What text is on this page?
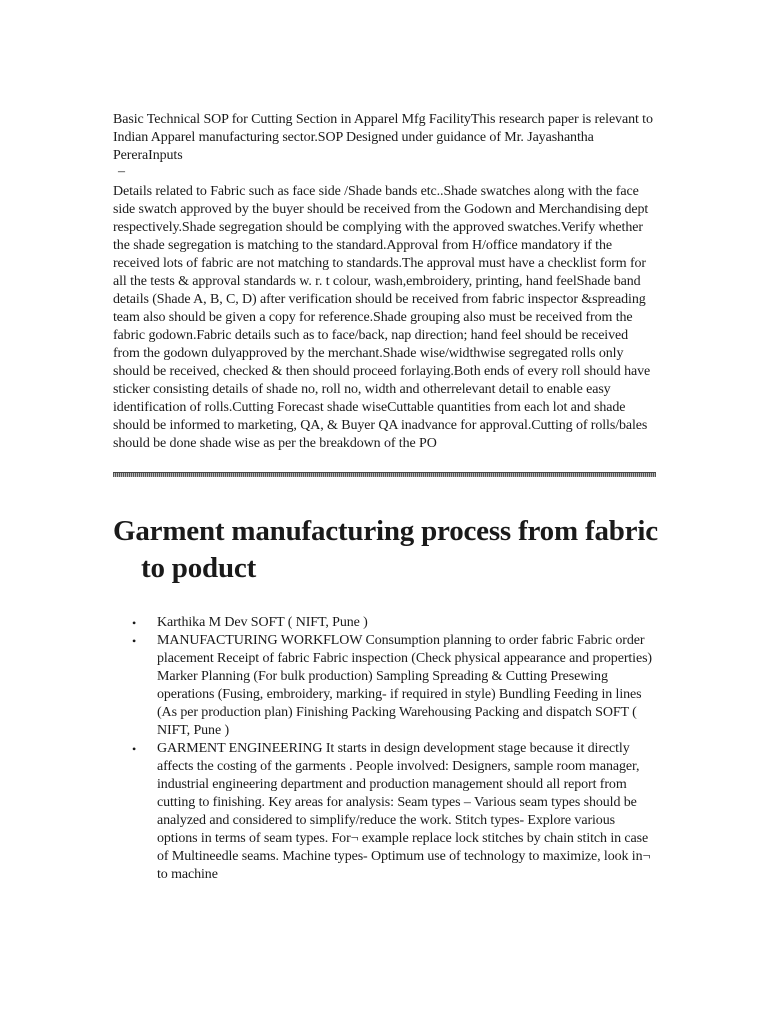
Basic Technical SOP for Cutting Section in Apparel Mfg FacilityThis research paper is relevant to Indian Apparel manufacturing sector.SOP Designed under guidance of Mr. Jayashantha PereraInputs

–

Details related to Fabric such as face side /Shade bands etc..Shade swatches along with the face side swatch approved by the buyer should be received from the Godown and Merchandising dept respectively.Shade segregation should be complying with the approved swatches.Verify whether the shade segregation is matching to the standard.Approval from H/office mandatory if the received lots of fabric are not matching to standards.The approval must have a checklist form for all the tests & approval standards w. r. t colour, wash,embroidery, printing, hand feelShade band details (Shade A, B, C, D) after verification should be received from fabric inspector &spreading team also should be given a copy for reference.Shade grouping also must be received from the fabric godown.Fabric details such as to face/back, nap direction; hand feel should be received from the godown dulyapproved by the merchant.Shade wise/widthwise segregated rolls only should be received, checked & then should proceed forlaying.Both ends of every roll should have sticker consisting details of shade no, roll no, width and otherrelevant detail to enable easy identification of rolls.Cutting Forecast shade wiseCuttable quantities from each lot and shade should be informed to marketing, QA, & Buyer QA inadvance for approval.Cutting of rolls/bales should be done shade wise as per the breakdown of the PO

Garment manufacturing process from fabric to poduct
• Karthika M Dev SOFT ( NIFT, Pune )
• MANUFACTURING WORKFLOW Consumption planning to order fabric Fabric order placement Receipt of fabric Fabric inspection (Check physical appearance and properties) Marker Planning (For bulk production) Sampling Spreading & Cutting Presewing operations (Fusing, embroidery, marking- if required in style) Bundling Feeding in lines (As per production plan) Finishing Packing Warehousing Packing and dispatch SOFT ( NIFT, Pune )
• GARMENT ENGINEERING It starts in design development stage because it directly affects the costing of the garments . People involved: Designers, sample room manager, industrial engineering department and production management should all report from cutting to finishing. Key areas for analysis: Seam types – Various seam types should be analyzed and considered to simplify/reduce the work. Stitch types- Explore various options in terms of seam types. For¬ example replace lock stitches by chain stitch in case of Multineedle seams. Machine types- Optimum use of technology to maximize, look in¬ to machine
